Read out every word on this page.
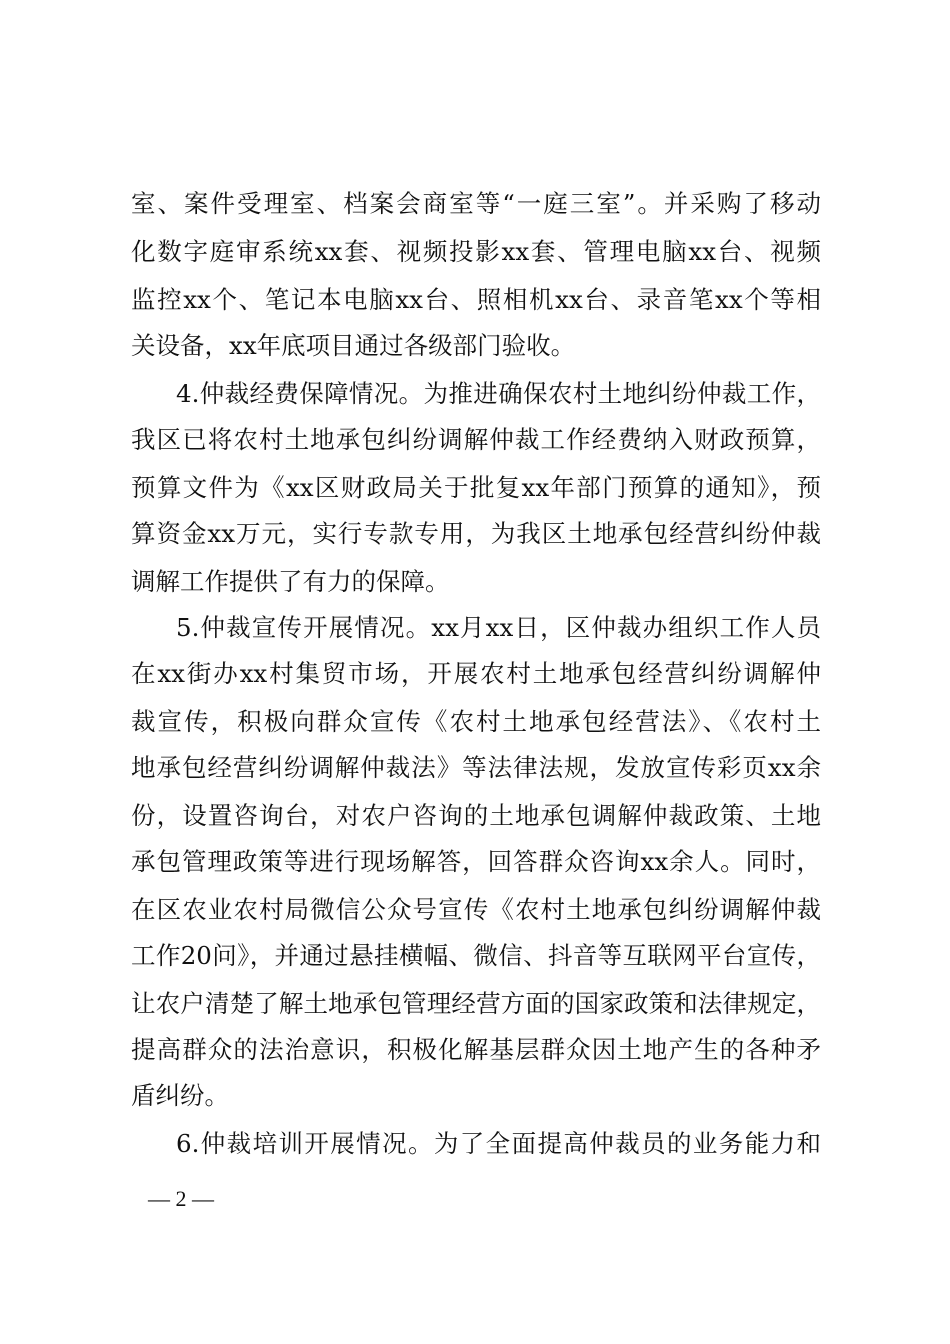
室、案件受理室、档案会商室等“一庭三室”。并采购了移动
化数字庭审系统xx套、视频投影xx套、管理电脑xx台、视频
监控xx个、笔记本电脑xx台、照相机xx台、录音笔xx个等相
关设备，xx年底项目通过各级部门验收。
4.仲裁经费保障情况。为推进确保农村土地纠纷仲裁工作，
我区已将农村土地承包纠纷调解仲裁工作经费纳入财政预算，
预算文件为《xx区财政局关于批复xx年部门预算的通知》，预
算资金xx万元，实行专款专用，为我区土地承包经营纠纷仲裁
调解工作提供了有力的保障。
5.仲裁宣传开展情况。xx月xx日，区仲裁办组织工作人员
在xx街办xx村集贸市场，开展农村土地承包经营纠纷调解仲
裁宣传，积极向群众宣传《农村土地承包经营法》、《农村土
地承包经营纠纷调解仲裁法》等法律法规，发放宣传彩页xx余
份，设置咨询台，对农户咨询的土地承包调解仲裁政策、土地
承包管理政策等进行现场解答，回答群众咨询xx余人。同时，
在区农业农村局微信公众号宣传《农村土地承包纠纷调解仲裁
工作20问》，并通过悬挂横幅、微信、抖音等互联网平台宣传，
让农户清楚了解土地承包管理经营方面的国家政策和法律规定，
提高群众的法治意识，积极化解基层群众因土地产生的各种矛
盾纠纷。
6.仲裁培训开展情况。为了全面提高仲裁员的业务能力和
— 2 —
